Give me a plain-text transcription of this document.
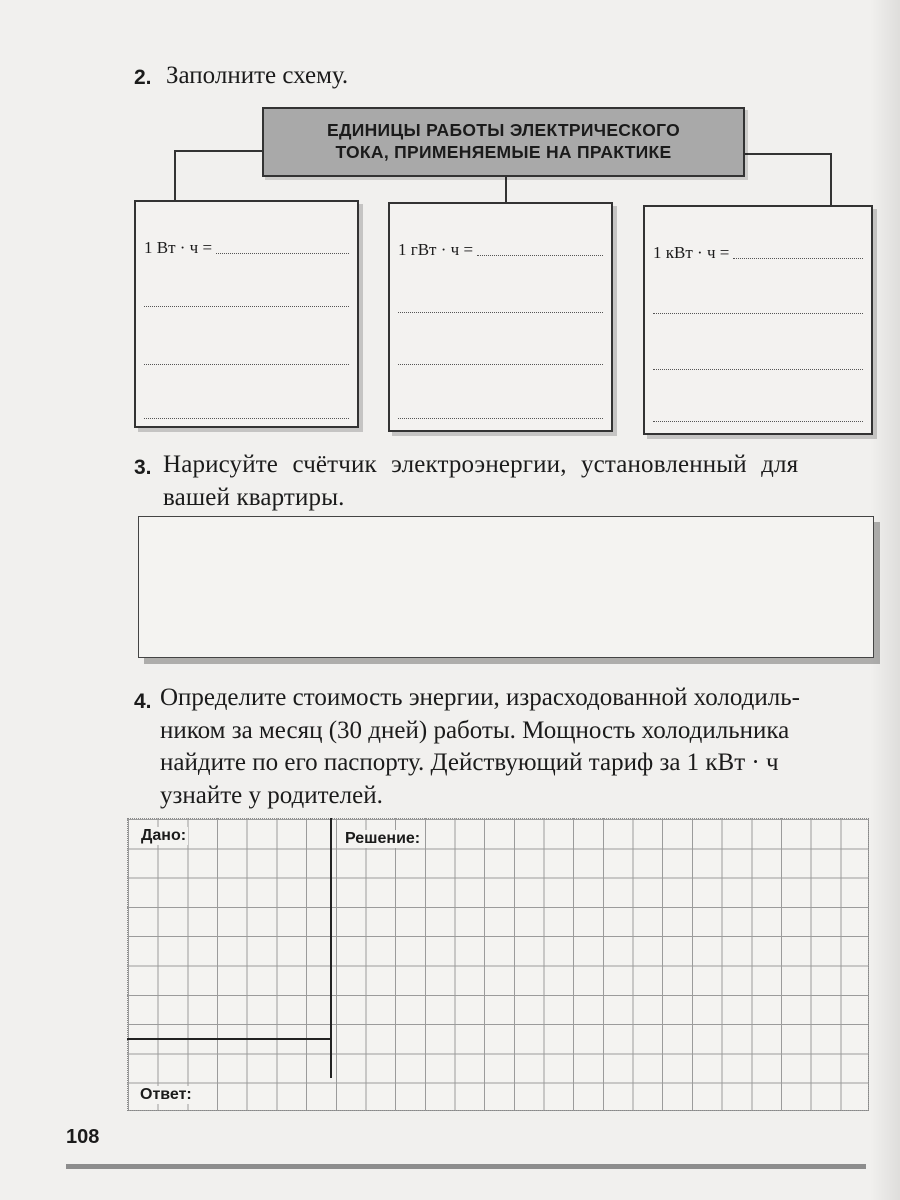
2. Заполните схему.
ЕДИНИЦЫ РАБОТЫ ЭЛЕКТРИЧЕСКОГО
ТОКА, ПРИМЕНЯЕМЫЕ НА ПРАКТИКЕ
1 Вт · ч =	1 гВт · ч =	1 кВт · ч =
3. Нарисуйте счётчик электроэнергии, установленный для
вашей квартиры.
4. Определите стоимость энергии, израсходованной холодиль-
ником за месяц (30 дней) работы. Мощность холодильника
найдите по его паспорту. Действующий тариф за 1 кВт · ч
узнайте у родителей.
Дано:	Решение:
Ответ:
108
